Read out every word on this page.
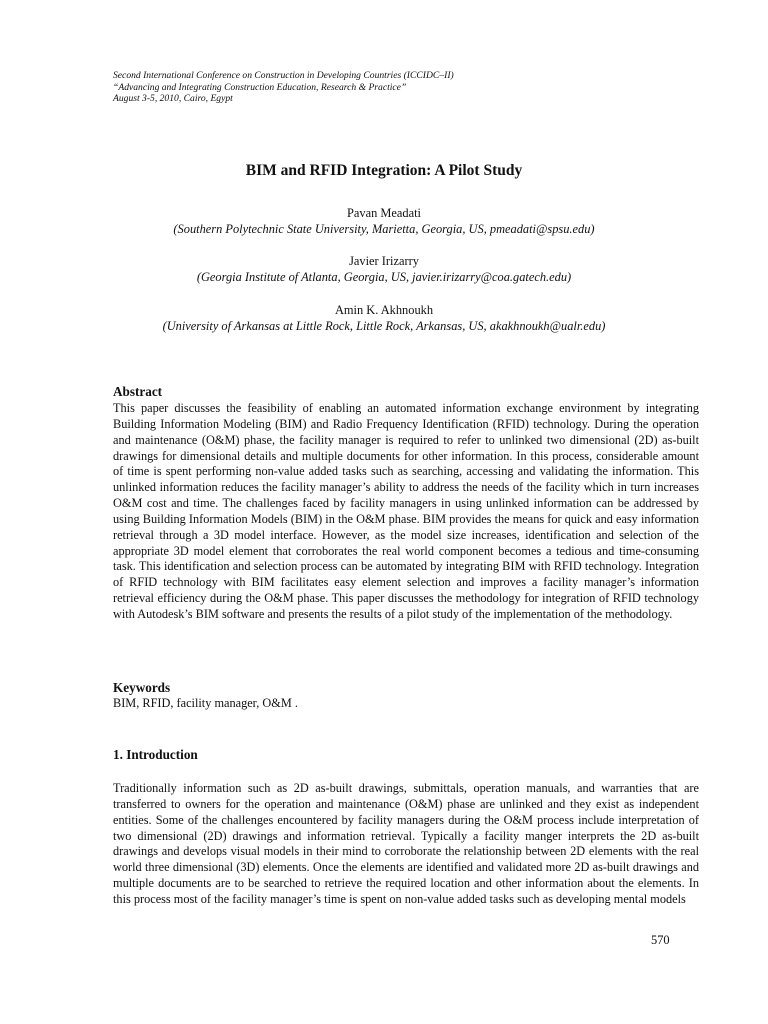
Second International Conference on Construction in Developing Countries (ICCIDC–II)
“Advancing and Integrating Construction Education, Research & Practice”
August 3-5, 2010, Cairo, Egypt
BIM and RFID Integration: A Pilot Study
Pavan Meadati
(Southern Polytechnic State University, Marietta, Georgia, US, pmeadati@spsu.edu)
Javier Irizarry
(Georgia Institute of Atlanta, Georgia, US, javier.irizarry@coa.gatech.edu)
Amin K. Akhnoukh
(University of Arkansas at Little Rock, Little Rock, Arkansas, US, akakhnoukh@ualr.edu)
Abstract
This paper discusses the feasibility of enabling an automated information exchange environment by integrating Building Information Modeling (BIM) and Radio Frequency Identification (RFID) technology. During the operation and maintenance (O&M) phase, the facility manager is required to refer to unlinked two dimensional (2D) as-built drawings for dimensional details and multiple documents for other information. In this process, considerable amount of time is spent performing non-value added tasks such as searching, accessing and validating the information. This unlinked information reduces the facility manager’s ability to address the needs of the facility which in turn increases O&M cost and time. The challenges faced by facility managers in using unlinked information can be addressed by using Building Information Models (BIM) in the O&M phase. BIM provides the means for quick and easy information retrieval through a 3D model interface. However, as the model size increases, identification and selection of the appropriate 3D model element that corroborates the real world component becomes a tedious and time-consuming task. This identification and selection process can be automated by integrating BIM with RFID technology. Integration of RFID technology with BIM facilitates easy element selection and improves a facility manager’s information retrieval efficiency during the O&M phase. This paper discusses the methodology for integration of RFID technology with Autodesk’s BIM software and presents the results of a pilot study of the implementation of the methodology.
Keywords
BIM, RFID, facility manager, O&M .
1. Introduction
Traditionally information such as 2D as-built drawings, submittals, operation manuals, and warranties that are transferred to owners for the operation and maintenance (O&M) phase are unlinked and they exist as independent entities. Some of the challenges encountered by facility managers during the O&M process include interpretation of two dimensional (2D) drawings and information retrieval. Typically a facility manger interprets the 2D as-built drawings and develops visual models in their mind to corroborate the relationship between 2D elements with the real world three dimensional (3D) elements. Once the elements are identified and validated more 2D as-built drawings and multiple documents are to be searched to retrieve the required location and other information about the elements. In this process most of the facility manager’s time is spent on non-value added tasks such as developing mental models
570
